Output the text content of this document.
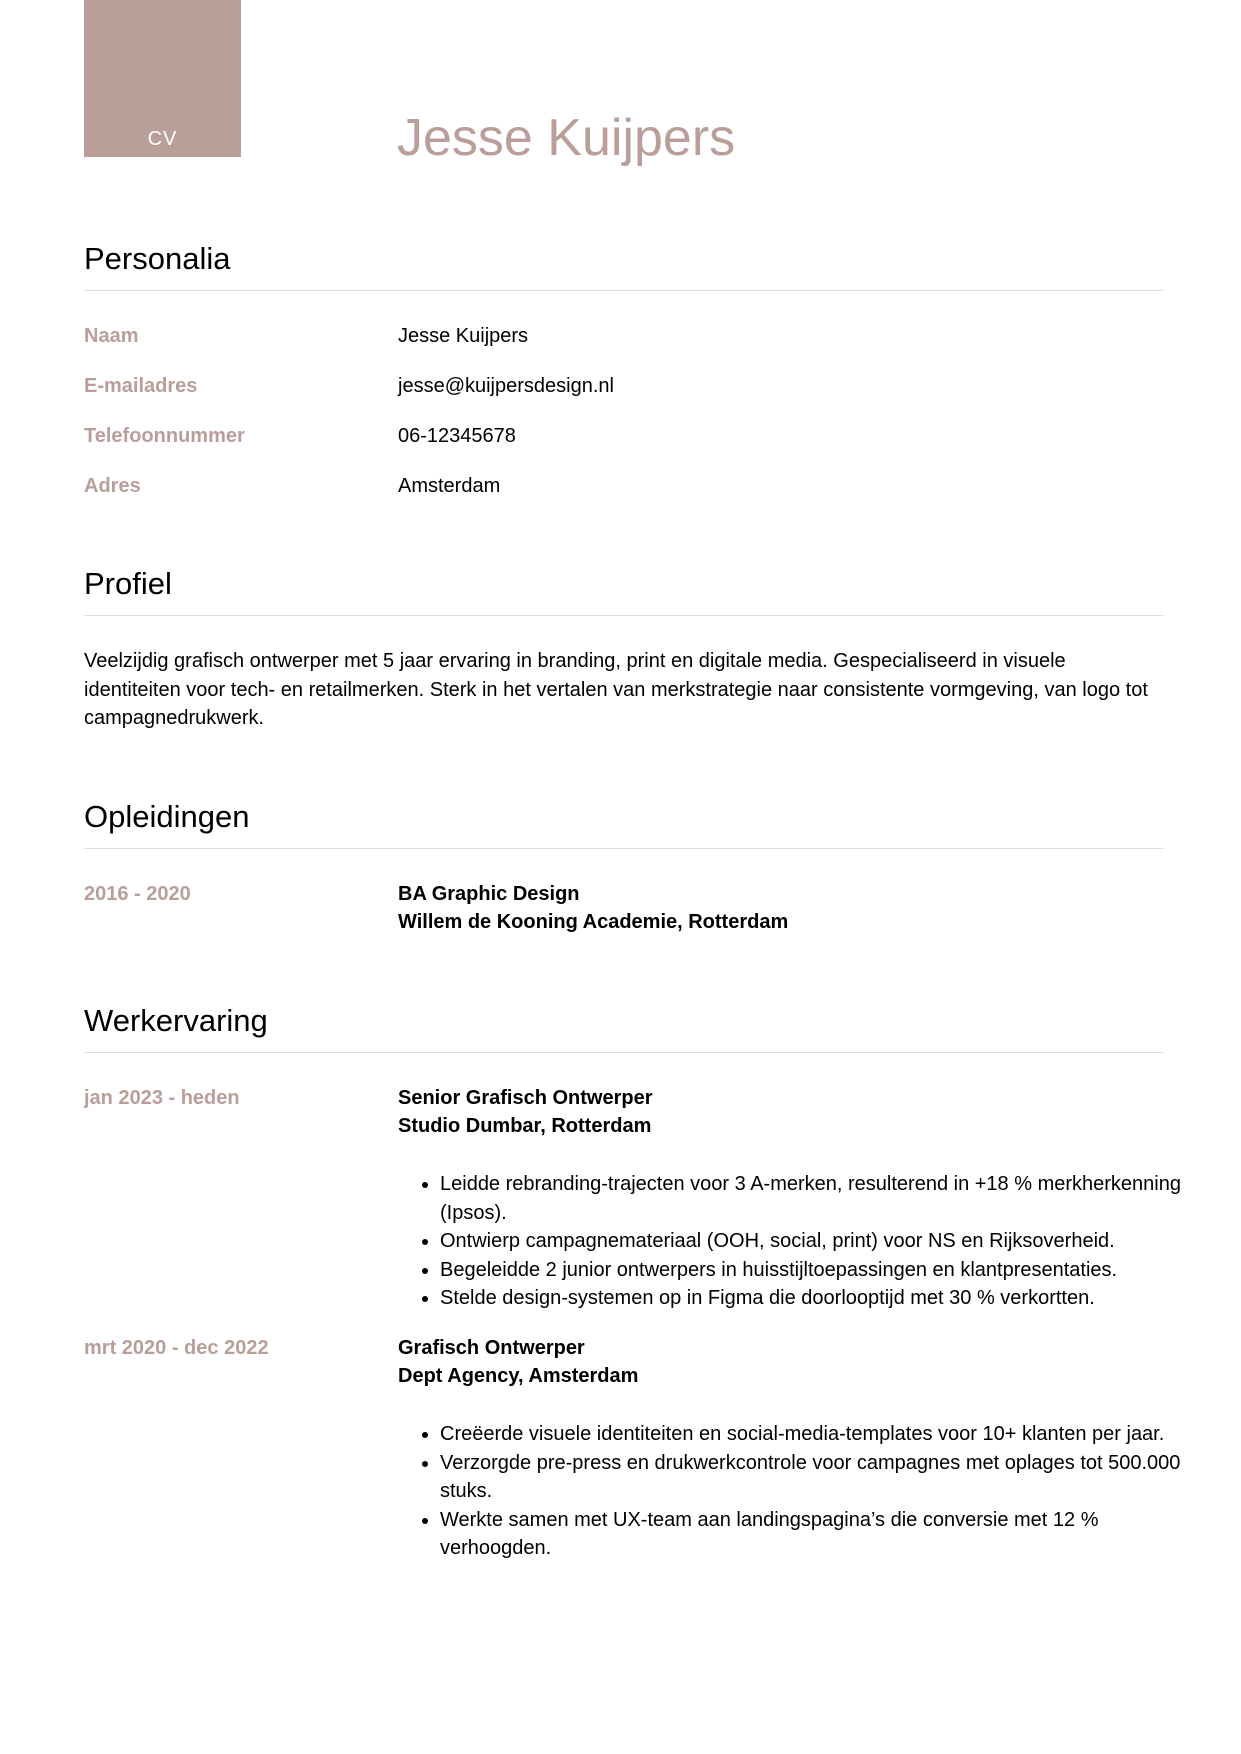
CV	Jesse Kuijpers
Personalia
Naam	Jesse Kuijpers
E-mailadres	jesse@kuijpersdesign.nl
Telefoonnummer	06-12345678
Adres	Amsterdam
Profiel

Veelzijdig grafisch ontwerper met 5 jaar ervaring in branding, print en digitale media. Gespecialiseerd in visuele identiteiten voor tech- en retailmerken. Sterk in het vertalen van merkstrategie naar consistente vormgeving, van logo tot campagnedrukwerk.

Opleidingen
2016 - 2020	BA Graphic Design
Willem de Kooning Academie, Rotterdam
Werkervaring
jan 2023 - heden	Senior Grafisch Ontwerper
Studio Dumbar, Rotterdam
• Leidde rebranding-trajecten voor 3 A-merken, resulterend in +18 % merkherkenning (Ipsos).
• Ontwierp campagnemateriaal (OOH, social, print) voor NS en Rijksoverheid.
• Begeleidde 2 junior ontwerpers in huisstijltoepassingen en klantpresentaties.
• Stelde design-systemen op in Figma die doorlooptijd met 30 % verkortten.
mrt 2020 - dec 2022	Grafisch Ontwerper
Dept Agency, Amsterdam
• Creëerde visuele identiteiten en social-media-templates voor 10+ klanten per jaar.
• Verzorgde pre-press en drukwerkcontrole voor campagnes met oplages tot 500.000 stuks.
• Werkte samen met UX-team aan landingspagina’s die conversie met 12 % verhoogden.
